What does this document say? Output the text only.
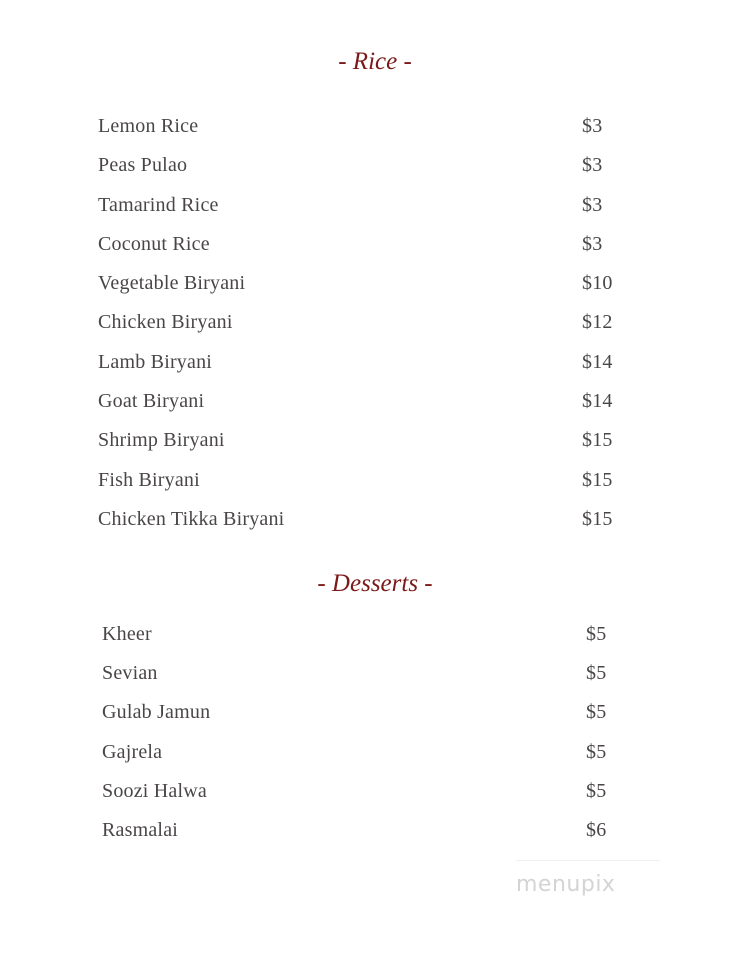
- Rice -
Lemon Rice	$3
Peas Pulao	$3
Tamarind Rice	$3
Coconut Rice	$3
Vegetable Biryani	$10
Chicken Biryani	$12
Lamb Biryani	$14
Goat Biryani	$14
Shrimp Biryani	$15
Fish Biryani	$15
Chicken Tikka Biryani	$15
- Desserts -
Kheer	$5
Sevian	$5
Gulab Jamun	$5
Gajrela	$5
Soozi Halwa	$5
Rasmalai	$6
menupix
